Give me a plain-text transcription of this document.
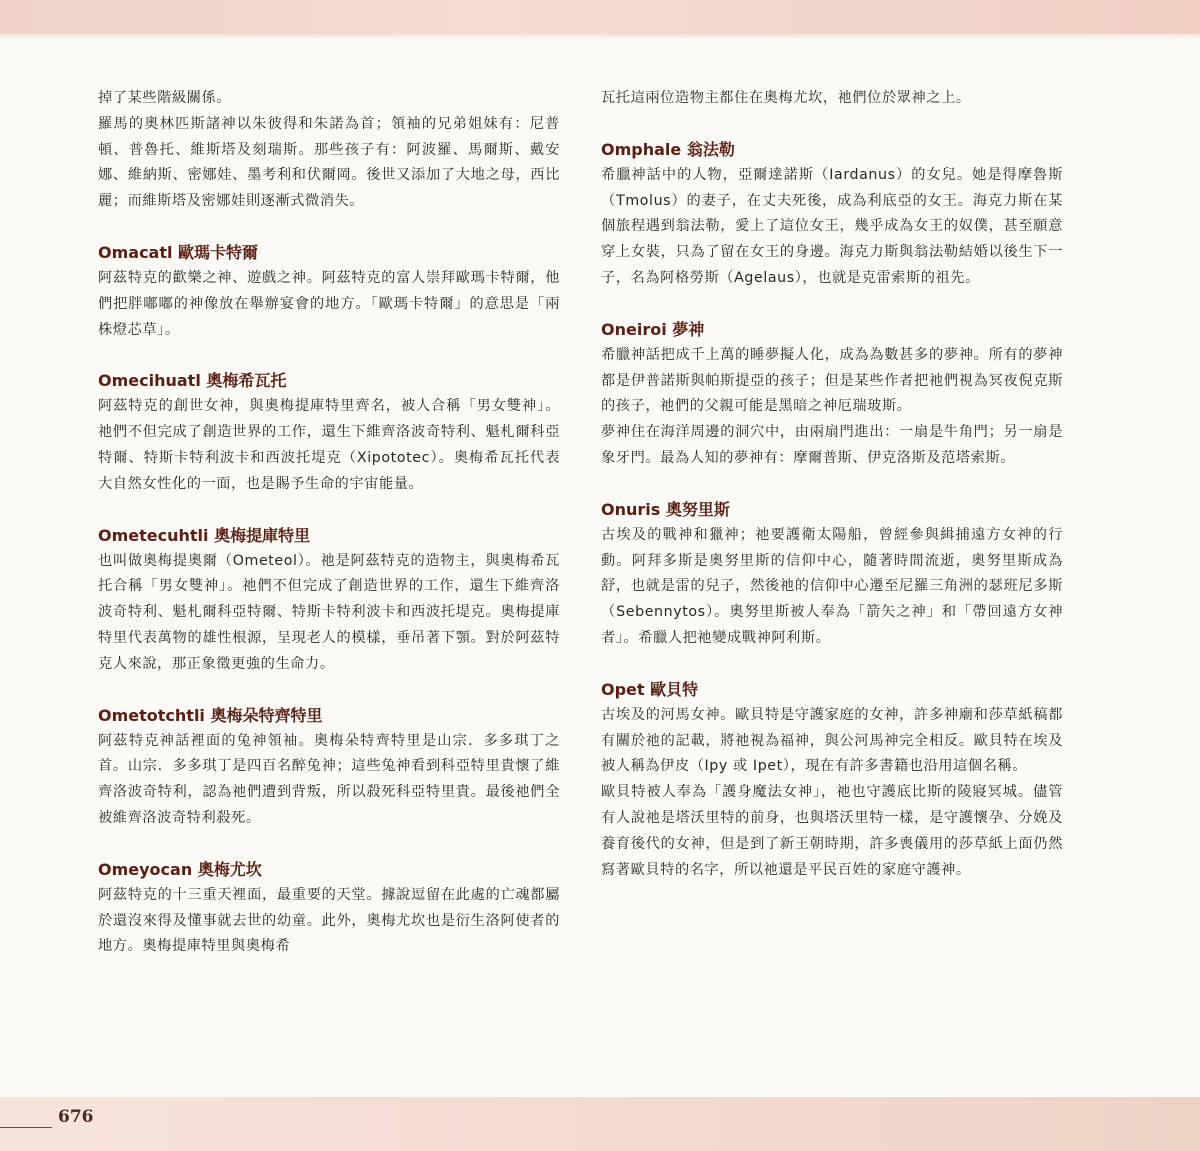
掉了某些階級關係。

羅馬的奧林匹斯諸神以朱彼得和朱諾為首；領袖的兄弟姐妹有：尼普頓、普魯托、維斯塔及刻瑞斯。那些孩子有：阿波羅、馬爾斯、戴安娜、維納斯、密娜娃、墨考利和伏爾岡。後世又添加了大地之母，西比麗；而維斯塔及密娜娃則逐漸式微消失。

Omacatl 歐瑪卡特爾

阿茲特克的歡樂之神、遊戲之神。阿茲特克的富人崇拜歐瑪卡特爾，他們把胖嘟嘟的神像放在舉辦宴會的地方。「歐瑪卡特爾」的意思是「兩株燈芯草」。

Omecihuatl 奧梅希瓦托

阿茲特克的創世女神，與奧梅提庫特里齊名，被人合稱「男女雙神」。祂們不但完成了創造世界的工作，還生下維齊洛波奇特利、魁札爾科亞特爾、特斯卡特利波卡和西波托堤克（Xipototec）。奧梅希瓦托代表大自然女性化的一面，也是賜予生命的宇宙能量。

Ometecuhtli 奧梅提庫特里

也叫做奧梅提奧爾（Ometeol）。祂是阿茲特克的造物主，與奧梅希瓦托合稱「男女雙神」。祂們不但完成了創造世界的工作，還生下維齊洛波奇特利、魁札爾科亞特爾、特斯卡特利波卡和西波托堤克。奧梅提庫特里代表萬物的雄性根源，呈現老人的模樣，垂吊著下顎。對於阿茲特克人來說，那正象徵更強的生命力。

Ometotchtli 奧梅朵特齊特里

阿茲特克神話裡面的兔神領袖。奧梅朵特齊特里是山宗．多多琪丁之首。山宗．多多琪丁是四百名醉兔神；這些兔神看到科亞特里貴懷了維齊洛波奇特利，認為祂們遭到背叛，所以殺死科亞特里貴。最後祂們全被維齊洛波奇特利殺死。

Omeyocan 奧梅尤坎

阿茲特克的十三重天裡面，最重要的天堂。據說逗留在此處的亡魂都屬於還沒來得及懂事就去世的幼童。此外，奧梅尤坎也是衍生洛阿使者的地方。奧梅提庫特里與奧梅希

瓦托這兩位造物主都住在奧梅尤坎，祂們位於眾神之上。

Omphale 翁法勒

希臘神話中的人物，亞爾達諾斯（Iardanus）的女兒。她是得摩魯斯（Tmolus）的妻子，在丈夫死後，成為利底亞的女王。海克力斯在某個旅程遇到翁法勒，愛上了這位女王，幾乎成為女王的奴僕，甚至願意穿上女裝，只為了留在女王的身邊。海克力斯與翁法勒結婚以後生下一子，名為阿格勞斯（Agelaus），也就是克雷索斯的祖先。

Oneiroi 夢神

希臘神話把成千上萬的睡夢擬人化，成為為數甚多的夢神。所有的夢神都是伊普諾斯與帕斯提亞的孩子；但是某些作者把祂們視為冥夜倪克斯的孩子，祂們的父親可能是黑暗之神厄瑞玻斯。

夢神住在海洋周邊的洞穴中，由兩扇門進出：一扇是牛角門；另一扇是象牙門。最為人知的夢神有：摩爾普斯、伊克洛斯及范塔索斯。

Onuris 奧努里斯

古埃及的戰神和獵神；祂要護衛太陽船，曾經參與緝捕遠方女神的行動。阿拜多斯是奧努里斯的信仰中心，隨著時間流逝，奧努里斯成為舒，也就是雷的兒子，然後祂的信仰中心遷至尼羅三角洲的瑟班尼多斯（Sebennytos）。奧努里斯被人奉為「箭矢之神」和「帶回遠方女神者」。希臘人把祂變成戰神阿利斯。

Opet 歐貝特

古埃及的河馬女神。歐貝特是守護家庭的女神，許多神廟和莎草紙稿都有關於祂的記載，將祂視為福神，與公河馬神完全相反。歐貝特在埃及被人稱為伊皮（Ipy 或 Ipet），現在有許多書籍也沿用這個名稱。

歐貝特被人奉為「護身魔法女神」，祂也守護底比斯的陵寢冥城。儘管有人說祂是塔沃里特的前身，也與塔沃里特一樣，是守護懷孕、分娩及養育後代的女神，但是到了新王朝時期，許多喪儀用的莎草紙上面仍然寫著歐貝特的名字，所以祂還是平民百姓的家庭守護神。

676
